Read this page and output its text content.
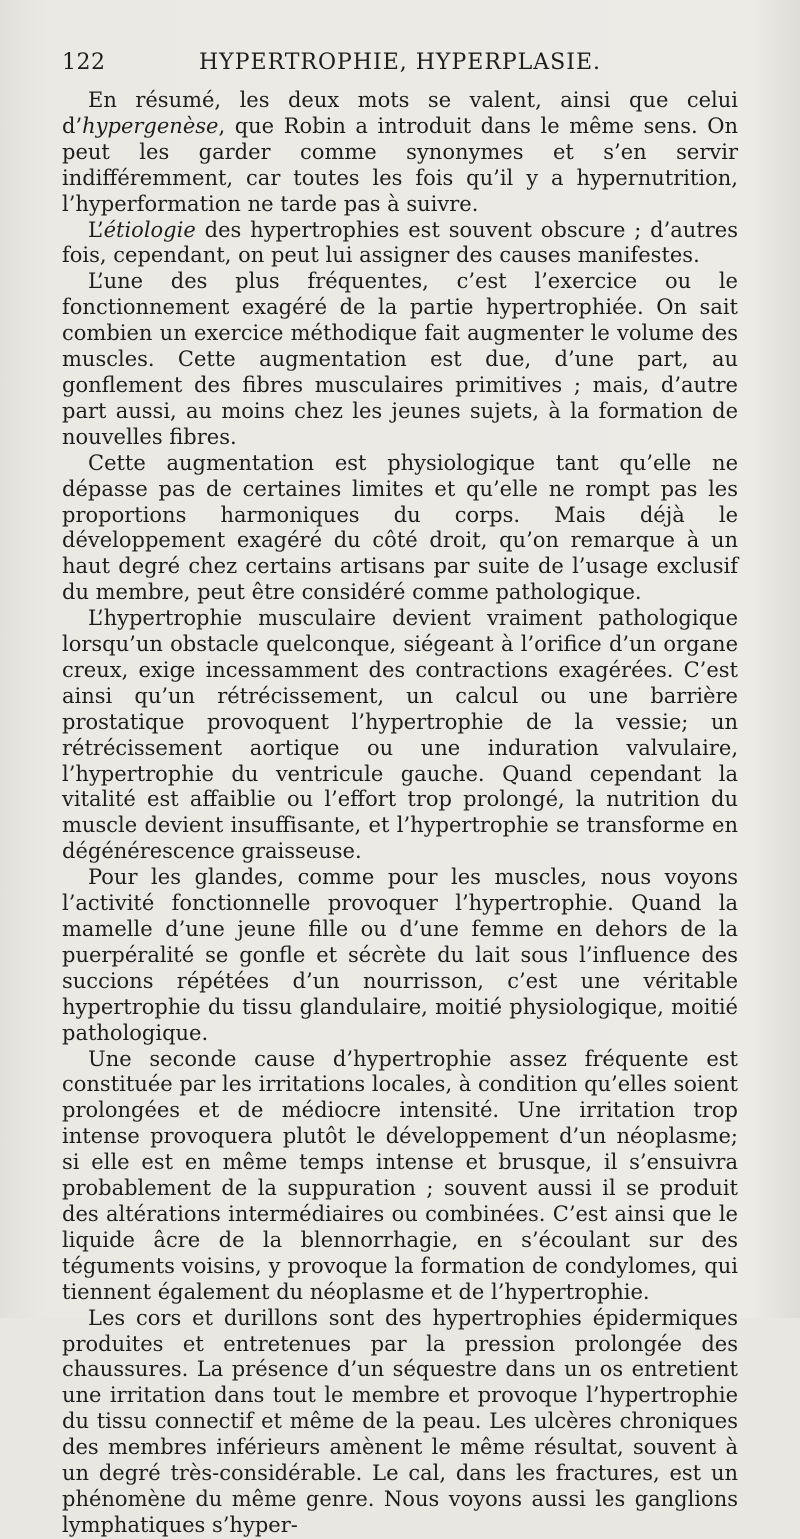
122	HYPERTROPHIE, HYPERPLASIE.

En résumé, les deux mots se valent, ainsi que celui d’hypergenèse, que Robin a introduit dans le même sens. On peut les garder comme synonymes et s’en servir indifféremment, car toutes les fois qu’il y a hypernutrition, l’hyperformation ne tarde pas à suivre.

L’étiologie des hypertrophies est souvent obscure ; d’autres fois, cependant, on peut lui assigner des causes manifestes.

L’une des plus fréquentes, c’est l’exercice ou le fonctionnement exagéré de la partie hypertrophiée. On sait combien un exercice méthodique fait augmenter le volume des muscles. Cette augmentation est due, d’une part, au gonflement des fibres musculaires primitives ; mais, d’autre part aussi, au moins chez les jeunes sujets, à la formation de nouvelles fibres.

Cette augmentation est physiologique tant qu’elle ne dépasse pas de certaines limites et qu’elle ne rompt pas les proportions harmoniques du corps. Mais déjà le développement exagéré du côté droit, qu’on remarque à un haut degré chez certains artisans par suite de l’usage exclusif du membre, peut être considéré comme pathologique.

L’hypertrophie musculaire devient vraiment pathologique lorsqu’un obstacle quelconque, siégeant à l’orifice d’un organe creux, exige incessamment des contractions exagérées. C’est ainsi qu’un rétrécissement, un calcul ou une barrière prostatique provoquent l’hypertrophie de la vessie; un rétrécissement aortique ou une induration valvulaire, l’hypertrophie du ventricule gauche. Quand cependant la vitalité est affaiblie ou l’effort trop prolongé, la nutrition du muscle devient insuffisante, et l’hypertrophie se transforme en dégénérescence graisseuse.

Pour les glandes, comme pour les muscles, nous voyons l’activité fonctionnelle provoquer l’hypertrophie. Quand la mamelle d’une jeune fille ou d’une femme en dehors de la puerpéralité se gonfle et sécrète du lait sous l’influence des succions répétées d’un nourrisson, c’est une véritable hypertrophie du tissu glandulaire, moitié physiologique, moitié pathologique.

Une seconde cause d’hypertrophie assez fréquente est constituée par les irritations locales, à condition qu’elles soient prolongées et de médiocre intensité. Une irritation trop intense provoquera plutôt le développement d’un néoplasme; si elle est en même temps intense et brusque, il s’ensuivra probablement de la suppuration ; souvent aussi il se produit des altérations intermédiaires ou combinées. C’est ainsi que le liquide âcre de la blennorrhagie, en s’écoulant sur des téguments voisins, y provoque la formation de condylomes, qui tiennent également du néoplasme et de l’hypertrophie.

Les cors et durillons sont des hypertrophies épidermiques produites et entretenues par la pression prolongée des chaussures. La présence d’un séquestre dans un os entretient une irritation dans tout le membre et provoque l’hypertrophie du tissu connectif et même de la peau. Les ulcères chroniques des membres inférieurs amènent le même résultat, souvent à un degré très-considérable. Le cal, dans les fractures, est un phénomène du même genre. Nous voyons aussi les ganglions lymphatiques s’hyper-
